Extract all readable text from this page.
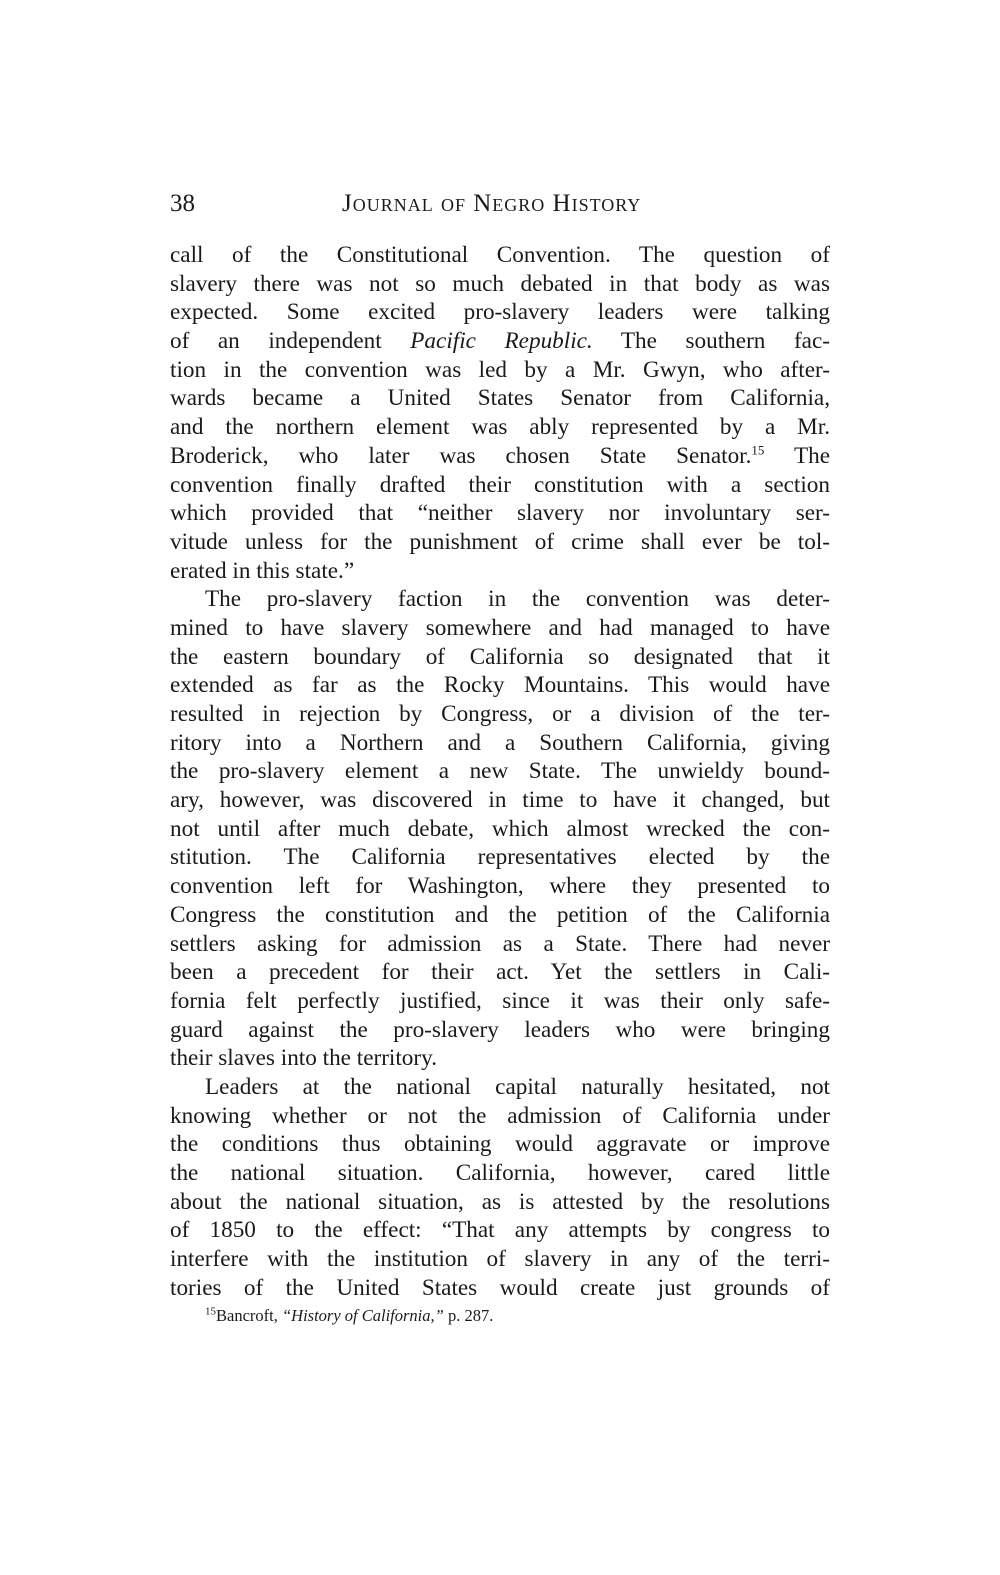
38	Journal of Negro History
call of the Constitutional Convention. The question of
slavery there was not so much debated in that body as was
expected. Some excited pro-slavery leaders were talking
of an independent Pacific Republic. The southern fac-
tion in the convention was led by a Mr. Gwyn, who after-
wards became a United States Senator from California,
and the northern element was ably represented by a Mr.
Broderick, who later was chosen State Senator.$^{15}$ The
convention finally drafted their constitution with a section
which provided that “neither slavery nor involuntary ser-
vitude unless for the punishment of crime shall ever be tol-
erated in this state.”
The pro-slavery faction in the convention was deter-
mined to have slavery somewhere and had managed to have
the eastern boundary of California so designated that it
extended as far as the Rocky Mountains. This would have
resulted in rejection by Congress, or a division of the ter-
ritory into a Northern and a Southern California, giving
the pro-slavery element a new State. The unwieldy bound-
ary, however, was discovered in time to have it changed, but
not until after much debate, which almost wrecked the con-
stitution. The California representatives elected by the
convention left for Washington, where they presented to
Congress the constitution and the petition of the California
settlers asking for admission as a State. There had never
been a precedent for their act. Yet the settlers in Cali-
fornia felt perfectly justified, since it was their only safe-
guard against the pro-slavery leaders who were bringing
their slaves into the territory.
Leaders at the national capital naturally hesitated, not
knowing whether or not the admission of California under
the conditions thus obtaining would aggravate or improve
the national situation. California, however, cared little
about the national situation, as is attested by the resolutions
of 1850 to the effect: “That any attempts by congress to
interfere with the institution of slavery in any of the terri-
tories of the United States would create just grounds of
$^{15}$Bancroft, “History of California,” p. 287.
